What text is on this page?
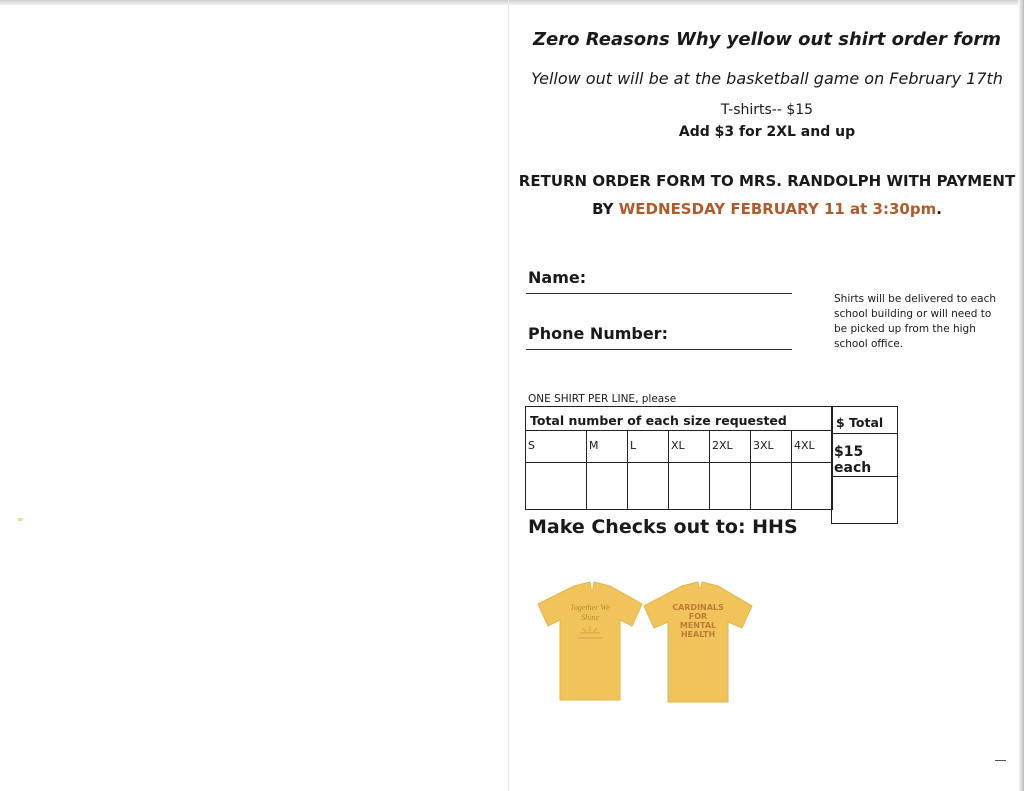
Zero Reasons Why yellow out shirt order form
Yellow out will be at the basketball game on February 17th
T-shirts-- $15
Add $3 for 2XL and up
RETURN ORDER FORM TO MRS. RANDOLPH WITH PAYMENT
BY WEDNESDAY FEBRUARY 11 at 3:30pm.
Name:
Phone Number:
Shirts will be delivered to each school building or will need to be picked up from the high school office.
ONE SHIRT PER LINE, please
Total number of each size requested						
S	M	L	XL	2XL	3XL	4XL

$ Total
$15 each

Make Checks out to: HHS
Together We
Shine
CARDINALS
FOR
MENTAL
HEALTH
